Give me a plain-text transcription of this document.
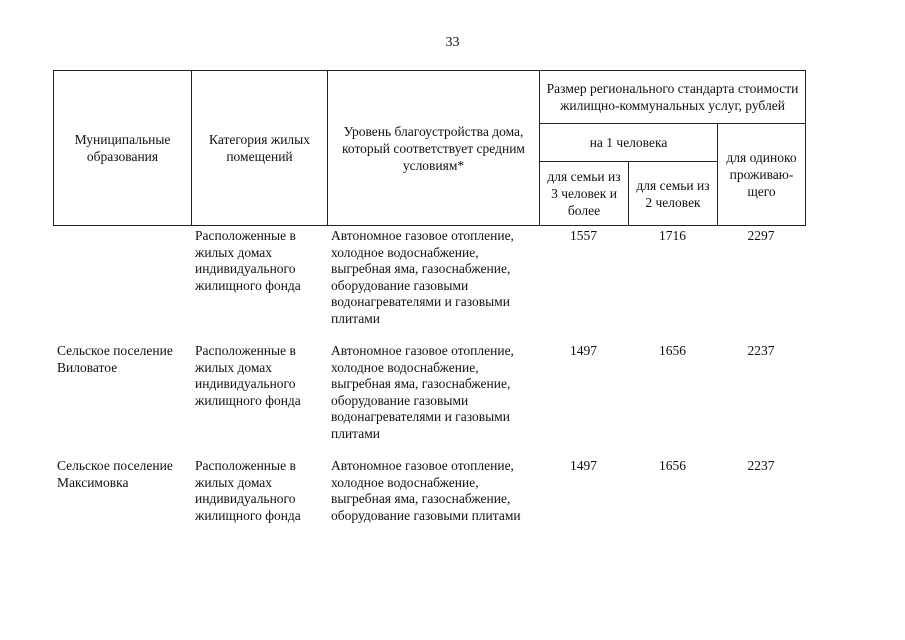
33
Муниципальные образования	Категория жилых помещений	Уровень благоустройства дома, который соответствует средним условиям*	Размер регионального стандарта стоимости жилищно-коммунальных услуг, рублей		
			на 1 человека		для одиноко проживаю-щего
			для семьи из 3 человек и более	для семьи из 2 человек	
	Расположенные в жилых домах индивидуального жилищного фонда	Автономное газовое отопление, холодное водоснабжение, выгребная яма, газоснабжение, оборудование газовыми водонагревателями и газовыми плитами	1557	1716	2297
Сельское поселение Виловатое	Расположенные в жилых домах индивидуального жилищного фонда	Автономное газовое отопление, холодное водоснабжение, выгребная яма, газоснабжение, оборудование газовыми водонагревателями и газовыми плитами	1497	1656	2237
Сельское поселение Максимовка	Расположенные в жилых домах индивидуального жилищного фонда	Автономное газовое отопление, холодное водоснабжение, выгребная яма, газоснабжение, оборудование газовыми плитами	1497	1656	2237
